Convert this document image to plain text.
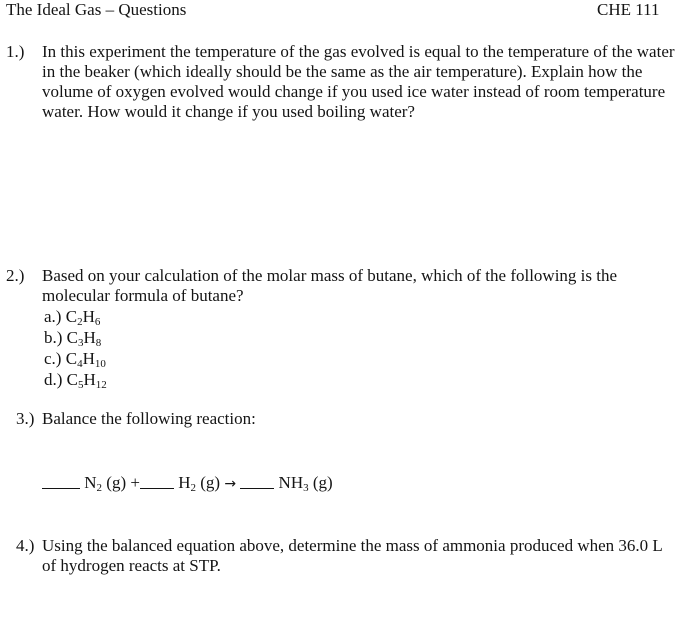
The Ideal Gas – Questions	CHE 111
1.) In this experiment the temperature of the gas evolved is equal to the temperature of the water
in the beaker (which ideally should be the same as the air temperature). Explain how the
volume of oxygen evolved would change if you used ice water instead of room temperature
water. How would it change if you used boiling water?
2.) Based on your calculation of the molar mass of butane, which of the following is the
molecular formula of butane?
a.) $C_2H_6$
b.) $C_3H_8$
c.) $C_4H_{10}$
d.) $C_5H_{12}$
3.) Balance the following reaction:
$N_2$ $(g) + H_2$ (g) →	$NH_3$ (g)
4.) Using the balanced equation above, determine the mass of ammonia produced when 36.0 L
of hydrogen reacts at STP.
